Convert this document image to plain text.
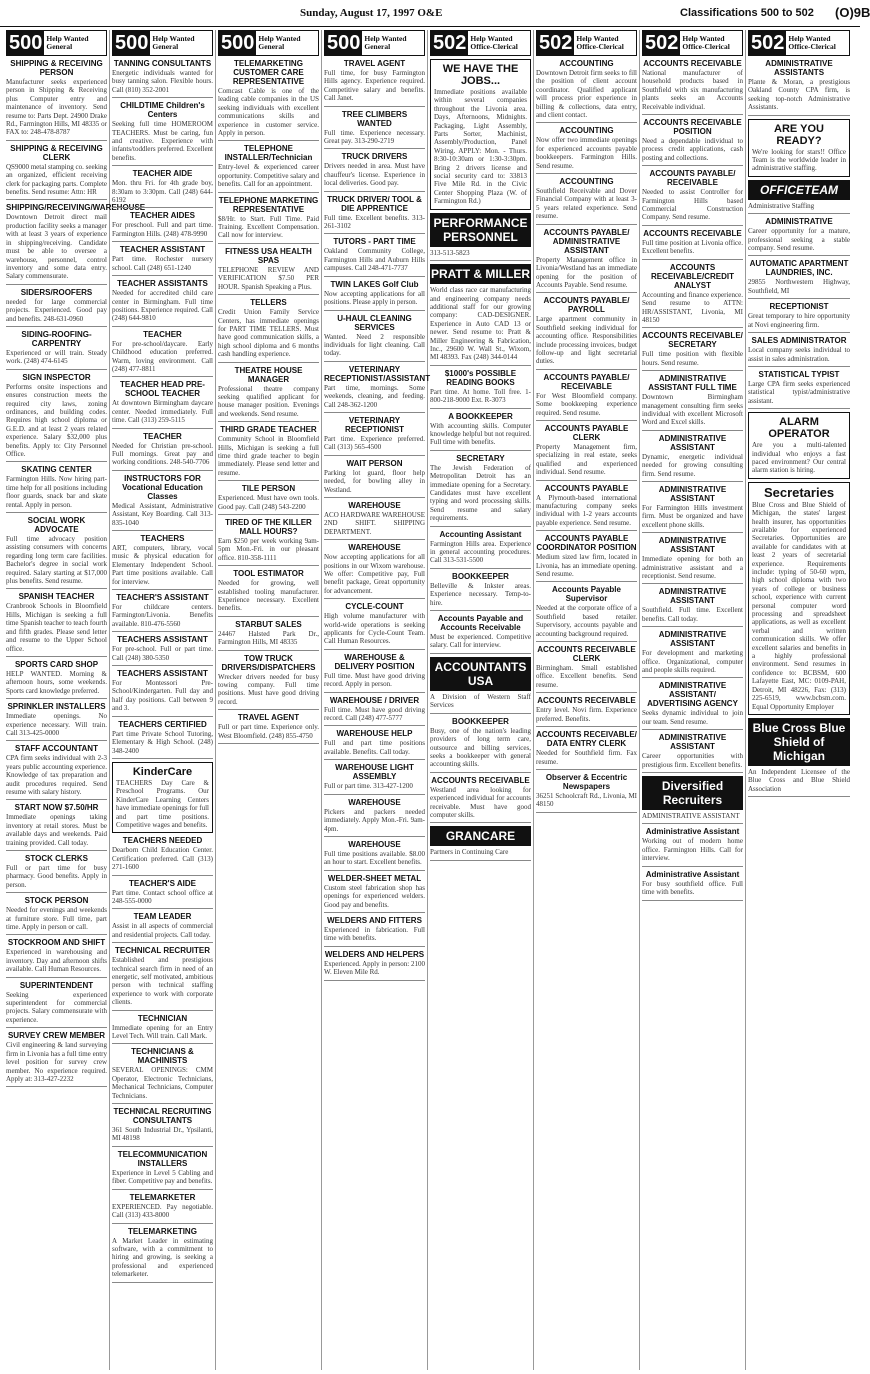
Sunday, August 17, 1997 O&E	Classifications 500 to 502 (O)9B
500 Help Wanted
General
SHIPPING & RECEIVING PERSON
Manufacturer seeks experienced person in Shipping & Receiving plus Computer entry and maintenance of inventory. Send resume to: Parts Dept. 24900 Drake Rd., Farmington Hills, MI 48335 or FAX to: 248-478-8787
SHIPPING & RECEIVING CLERK
QS9000 metal stamping co. seeking an organized, efficient receiving clerk for packaging parts. Complete benefits. Send resume: Attn: HR
SHIPPING/RECEIVING/WAREHOUSE
Downtown Detroit direct mail production facility seeks a manager with at least 3 years of experience in shipping/receiving. Candidate must be able to oversee a warehouse, personnel, control inventory and some data entry. Salary commensurate.
SIDERS/ROOFERS
needed for large commercial projects. Experienced. Good pay and benefits. 248-631-0960
SIDING-ROOFING-CARPENTRY
Experienced or will train. Steady work. (248) 474-6145
SIGN INSPECTOR
Performs onsite inspections and ensures construction meets the required city laws, zoning ordinances, and building codes. Requires high school diploma or G.E.D. and at least 2 years related experience. Salary $32,000 plus benefits. Apply to: City Personnel Office.
SKATING CENTER
Farmington Hills. Now hiring part-time help for all positions including floor guards, snack bar and skate rental. Apply in person.
SOCIAL WORK ADVOCATE
Full time advocacy position assisting consumers with concerns regarding long term care facilities. Bachelor's degree in social work required. Salary starting at $17,000 plus benefits. Send resume.
SPANISH TEACHER
Cranbrook Schools in Bloomfield Hills, Michigan is seeking a full time Spanish teacher to teach fourth and fifth grades. Please send letter and resume to the Upper School office.
SPORTS CARD SHOP
HELP WANTED. Morning & afternoon hours, some weekends. Sports card knowledge preferred.
SPRINKLER INSTALLERS
Immediate openings. No experience necessary. Will train. Call 313-425-0000
STAFF ACCOUNTANT
CPA firm seeks individual with 2-3 years public accounting experience. Knowledge of tax preparation and audit procedures required. Send resume with salary history.
START NOW $7.50/HR
Immediate openings taking inventory at retail stores. Must be available days and weekends. Paid training provided. Call today.
STOCK CLERKS
Full or part time for busy pharmacy. Good benefits. Apply in person.
STOCK PERSON
Needed for evenings and weekends at furniture store. Full time, part time. Apply in person or call.
STOCKROOM AND SHIFT
Experienced in warehousing and inventory. Day and afternoon shifts available. Call Human Resources.
SUPERINTENDENT
Seeking experienced superintendent for commercial projects. Salary commensurate with experience.
SURVEY CREW MEMBER
Civil engineering & land surveying firm in Livonia has a full time entry level position for survey crew member. No experience required. Apply at: 313-427-2232
500 Help Wanted
General
TANNING CONSULTANTS
Energetic individuals wanted for busy tanning salon. Flexible hours. Call (810) 352-2001
CHILDTIME Children's Centers
Seeking full time HOMEROOM TEACHERS. Must be caring, fun and creative. Experience with infants/toddlers preferred. Excellent benefits.
TEACHER AIDE
Mon. thru Fri. for 4th grade boy, 8:30am to 3:30pm. Call (248) 644-6192
TEACHER AIDES
For preschool. Full and part time. Farmington Hills. (248) 478-9990
TEACHER ASSISTANT
Part time. Rochester nursery school. Call (248) 651-1240
TEACHER ASSISTANTS
Needed for accredited child care center in Birmingham. Full time positions. Experience required. Call (248) 644-9810
TEACHER
For pre-school/daycare. Early Childhood education preferred. Warm, loving environment. Call (248) 477-8811
TEACHER HEAD PRE-SCHOOL TEACHER
At downtown Birmingham daycare center. Needed immediately. Full time. Call (313) 259-5115
TEACHER
Needed for Christian pre-school. Full mornings. Great pay and working conditions. 248-540-7706
INSTRUCTORS FOR Vocational Education Classes
Medical Assistant, Administrative Assistant, Key Boarding. Call 313-835-1040
TEACHERS
ART, computers, library, vocal music & physical education for Elementary Independent School. Part time positions available. Call for interview.
TEACHER'S ASSISTANT
For childcare centers. Farmington/Livonia. Benefits available. 810-476-5560
TEACHERS ASSISTANT
For pre-school. Full or part time. Call (248) 380-5350
TEACHERS ASSISTANT
For Montessori Pre-School/Kindergarten. Full day and half day positions. Call between 9 and 3.
TEACHERS CERTIFIED
Part time Private School Tutoring, Elementary & High School. (248) 348-2400
KinderCare
TEACHERS Day Care & Preschool Programs. Our KinderCare Learning Centers have immediate openings for full and part time positions. Competitive wages and benefits.
TEACHERS NEEDED
Dearborn Child Education Center. Certification preferred. Call (313) 271-1600
TEACHER'S AIDE
Part time. Contact school office at 248-555-0000
TEAM LEADER
Assist in all aspects of commercial and residential projects. Call today.
TECHNICAL RECRUITER
Established and prestigious technical search firm in need of an energetic, self motivated, ambitious person with technical staffing experience to work with corporate clients.
TECHNICIAN
Immediate opening for an Entry Level Tech. Will train. Call Mark.
TECHNICIANS & MACHINISTS
SEVERAL OPENINGS: CMM Operator, Electronic Technicians, Mechanical Technicians, Computer Technicians.
TECHNICAL RECRUITING CONSULTANTS
361 South Industrial Dr., Ypsilanti, MI 48198
TELECOMMUNICATION INSTALLERS
Experience in Level 5 Cabling and fiber. Competitive pay and benefits.
TELEMARKETER
EXPERIENCED. Pay negotiable. Call (313) 433-8000
TELEMARKETING
A Market Leader in estimating software, with a commitment to hiring and growing, is seeking a professional and experienced telemarketer.
500 Help Wanted
General
TELEMARKETING CUSTOMER CARE REPRESENTATIVE
Comcast Cable is one of the leading cable companies in the US seeking individuals with excellent communications skills and experience in customer service. Apply in person.
TELEPHONE INSTALLER/Technician
Entry-level & experienced career opportunity. Competitive salary and benefits. Call for an appointment.
TELEPHONE MARKETING REPRESENTATIVE
$8/Hr. to Start. Full Time. Paid Training. Excellent Compensation. Call now for interview.
FITNESS USA HEALTH SPAS
TELEPHONE REVIEW AND VERIFICATION $7.50 PER HOUR. Spanish Speaking a Plus.
TELLERS
Credit Union Family Service Centers, has immediate openings for PART TIME TELLERS. Must have good communication skills, a high school diploma and 6 months cash handling experience.
THEATRE HOUSE MANAGER
Professional theatre company seeking qualified applicant for house manager position. Evenings and weekends. Send resume.
THIRD GRADE TEACHER
Community School in Bloomfield Hills, Michigan is seeking a full time third grade teacher to begin immediately. Please send letter and resume.
TILE PERSON
Experienced. Must have own tools. Good pay. Call (248) 543-2200
TIRED OF THE KILLER MALL HOURS?
Earn $250 per week working 9am-5pm Mon.-Fri. in our pleasant office. 810-358-1111
TOOL ESTIMATOR
Needed for growing, well established tooling manufacturer. Experience necessary. Excellent benefits.
STARBUT SALES
24467 Halsted Park Dr., Farmington Hills, MI 48335
TOW TRUCK DRIVERS/DISPATCHERS
Wrecker drivers needed for busy towing company. Full time positions. Must have good driving record.
TRAVEL AGENT
Full or part time. Experience only. West Bloomfield. (248) 855-4750
500 Help Wanted
General
TRAVEL AGENT
Full time, for busy Farmington Hills agency. Experience required. Competitive salary and benefits. Call Janet.
TREE CLIMBERS WANTED
Full time. Experience necessary. Great pay. 313-290-2719
TRUCK DRIVERS
Drivers needed in area. Must have chauffeur's license. Experience in local deliveries. Good pay.
TRUCK DRIVER/ TOOL & DIE APPRENTICE
Full time. Excellent benefits. 313-261-3102
TUTORS - PART TIME
Oakland Community College, Farmington Hills and Auburn Hills campuses. Call 248-471-7737
TWIN LAKES Golf Club
Now accepting applications for all positions. Please apply in person.
U-HAUL CLEANING SERVICES
Wanted. Need 2 responsible individuals for light cleaning. Call today.
VETERINARY RECEPTIONIST/ASSISTANT
Part time, mornings. Some weekends, cleaning, and feeding. Call 248-362-1200
VETERINARY RECEPTIONIST
Part time. Experience preferred. Call (313) 565-4500
WAIT PERSON
Parking lot guard, floor help needed, for bowling alley in Westland.
WAREHOUSE
ACO HARDWARE WAREHOUSE 2ND SHIFT. SHIPPING DEPARTMENT.
WAREHOUSE
Now accepting applications for all positions in our Wixom warehouse. We offer: Competitive pay, Full benefit package, Great opportunity for advancement.
CYCLE-COUNT
High volume manufacturer with world-wide operations is seeking applicants for Cycle-Count Team. Call Human Resources.
WAREHOUSE & DELIVERY POSITION
Full time. Must have good driving record. Apply in person.
WAREHOUSE / DRIVER
Full time. Must have good driving record. Call (248) 477-5777
WAREHOUSE HELP
Full and part time positions available. Benefits. Call today.
WAREHOUSE LIGHT ASSEMBLY
Full or part time. 313-427-1200
WAREHOUSE
Pickers and packers needed immediately. Apply Mon.-Fri. 9am-4pm.
WAREHOUSE
Full time positions available. $8.00 an hour to start. Excellent benefits.
WELDER-SHEET METAL
Custom steel fabrication shop has openings for experienced welders. Good pay and benefits.
WELDERS AND FITTERS
Experienced in fabrication. Full time with benefits.
WELDERS AND HELPERS
Experienced. Apply in person: 2100 W. Eleven Mile Rd.
502 Help Wanted
Office-Clerical
WE HAVE THE JOBS...
Immediate positions available within several companies throughout the Livonia area. Days, Afternoons, Midnights. Packaging, Light Assembly, Parts Sorter, Machinist, Assembly/Production, Panel Wiring. APPLY: Mon. - Thurs. 8:30-10:30am or 1:30-3:30pm. Bring 2 drivers license and social security card to: 33813 Five Mile Rd. in the Civic Center Shopping Plaza (W. of Farmington Rd.)
PERFORMANCE PERSONNEL
313-513-5823
PRATT & MILLER
World class race car manufacturing and engineering company needs additional staff for our growing company: CAD-DESIGNER. Experience in Auto CAD 13 or newer. Send resume to: Pratt & Miller Engineering & Fabrication, Inc., 29600 W. Wall St., Wixom, MI 48393. Fax (248) 344-0144
$1000's POSSIBLE READING BOOKS
Part time. At home. Toll free. 1-800-218-9000 Ext. R-3073
A BOOKKEEPER
With accounting skills. Computer knowledge helpful but not required. Full time with benefits.
SECRETARY
The Jewish Federation of Metropolitan Detroit has an immediate opening for a Secretary. Candidates must have excellent typing and word processing skills. Send resume and salary requirements.
Accounting Assistant
Farmington Hills area. Experience in general accounting procedures. Call 313-531-5500
BOOKKEEPER
Belleville & Inkster areas. Experience necessary. Temp-to-hire.
Accounts Payable and Accounts Receivable
Must be experienced. Competitive salary. Call for interview.
ACCOUNTANTS USA
A Division of Western Staff Services
BOOKKEEPER
Busy, one of the nation's leading providers of long term care, outsource and billing services, seeks a bookkeeper with general accounting skills.
ACCOUNTS RECEIVABLE
Westland area looking for experienced individual for accounts receivable. Must have good computer skills.
GRANCARE
Partners in Continuing Care
502 Help Wanted
Office-Clerical
ACCOUNTING
Downtown Detroit firm seeks to fill the position of client account coordinator. Qualified applicant will process prior experience in billing & collections, data entry, and client contact.
ACCOUNTING
Now offer two immediate openings for experienced accounts payable bookkeepers. Farmington Hills. Send resume.
ACCOUNTING
Southfield Receivable and Dover Financial Company with at least 3-5 years related experience. Send resume.
ACCOUNTS PAYABLE/ ADMINISTRATIVE ASSISTANT
Property Management office in Livonia/Westland has an immediate opening for the position of Accounts Payable. Send resume.
ACCOUNTS PAYABLE/ PAYROLL
Large apartment community in Southfield seeking individual for accounting office. Responsibilities include processing invoices, budget follow-up and light secretarial duties.
ACCOUNTS PAYABLE/ RECEIVABLE
For West Bloomfield company. Some bookkeeping experience required. Send resume.
ACCOUNTS PAYABLE CLERK
Property Management firm, specializing in real estate, seeks qualified and experienced individual. Send resume.
ACCOUNTS PAYABLE
A Plymouth-based international manufacturing company seeks individual with 1-2 years accounts payable experience. Send resume.
ACCOUNTS PAYABLE COORDINATOR POSITION
Medium sized law firm, located in Livonia, has an immediate opening. Send resume.
Accounts Payable Supervisor
Needed at the corporate office of a Southfield based retailer. Supervisory, accounts payable and accounting background required.
ACCOUNTS RECEIVABLE CLERK
Birmingham. Small established office. Excellent benefits. Send resume.
ACCOUNTS RECEIVABLE
Entry level. Novi firm. Experience preferred. Benefits.
ACCOUNTS RECEIVABLE/ DATA ENTRY CLERK
Needed for Southfield firm. Fax resume.
Observer & Eccentric Newspapers
36251 Schoolcraft Rd., Livonia, MI 48150
502 Help Wanted
Office-Clerical
ACCOUNTS RECEIVABLE
National manufacturer of household products based in Southfield with six manufacturing plants seeks an Accounts Receivable individual.
ACCOUNTS RECEIVABLE POSITION
Need a dependable individual to process credit applications, cash posting and collections.
ACCOUNTS PAYABLE/ RECEIVABLE
Needed to assist Controller for Farmington Hills based Commercial Construction Company. Send resume.
ACCOUNTS RECEIVABLE
Full time position at Livonia office. Excellent benefits.
ACCOUNTS RECEIVABLE/CREDIT ANALYST
Accounting and finance experience. Send resume to ATTN: HR/ASSISTANT, Livonia, MI 48150
ACCOUNTS RECEIVABLE/ SECRETARY
Full time position with flexible hours. Send resume.
ADMINISTRATIVE ASSISTANT FULL TIME
Downtown Birmingham management consulting firm seeks individual with excellent Microsoft Word and Excel skills.
ADMINISTRATIVE ASSISTANT
Dynamic, energetic individual needed for growing consulting firm. Send resume.
ADMINISTRATIVE ASSISTANT
For Farmington Hills investment firm. Must be organized and have excellent phone skills.
ADMINISTRATIVE ASSISTANT
Immediate opening for both an administrative assistant and a receptionist. Send resume.
ADMINISTRATIVE ASSISTANT
Southfield. Full time. Excellent benefits. Call today.
ADMINISTRATIVE ASSISTANT
For development and marketing office. Organizational, computer and people skills required.
ADMINISTRATIVE ASSISTANT/ ADVERTISING AGENCY
Seeks dynamic individual to join our team. Send resume.
ADMINISTRATIVE ASSISTANT
Career opportunities with prestigious firm. Excellent benefits.
Diversified Recruiters
ADMINISTRATIVE ASSISTANT
Administrative Assistant
Working out of modern home office. Farmington Hills. Call for interview.
Administrative Assistant
For busy southfield office. Full time with benefits.
502 Help Wanted
Office-Clerical
ADMINISTRATIVE ASSISTANTS
Plante & Moran, a prestigious Oakland County CPA firm, is seeking top-notch Administrative Assistants.
ARE YOU READY?
We're looking for stars!! Office Team is the worldwide leader in administrative staffing.
OFFICETEAM
Administrative Staffing
ADMINISTRATIVE
Career opportunity for a mature, professional seeking a stable company. Send resume.
AUTOMATIC APARTMENT LAUNDRIES, INC.
29855 Northwestern Highway, Southfield, MI
RECEPTIONIST
Great temporary to hire opportunity at Novi engineering firm.
SALES ADMINISTRATOR
Local company seeks individual to assist in sales administration.
STATISTICAL TYPIST
Large CPA firm seeks experienced statistical typist/administrative assistant.
ALARM OPERATOR
Are you a multi-talented individual who enjoys a fast paced environment? Our central alarm station is hiring.
Secretaries
Blue Cross and Blue Shield of Michigan, the states' largest health insurer, has opportunities available for experienced Secretaries. Opportunities are available for candidates with at least 2 years of secretarial experience. Requirements include: typing of 50-60 wpm, high school diploma with two years of college or business school, experience with current personal computer word processing and spreadsheet applications, as well as excellent verbal and written communication skills. We offer excellent salaries and benefits in a highly professional environment. Send resumes in confidence to: BCBSM, 600 Lafayette East, MC: 0109-PAH, Detroit, MI 48226, Fax: (313) 225-6519, www.bcbsm.com. Equal Opportunity Employer
Blue Cross Blue Shield of Michigan
An Independent Licensee of the Blue Cross and Blue Shield Association
